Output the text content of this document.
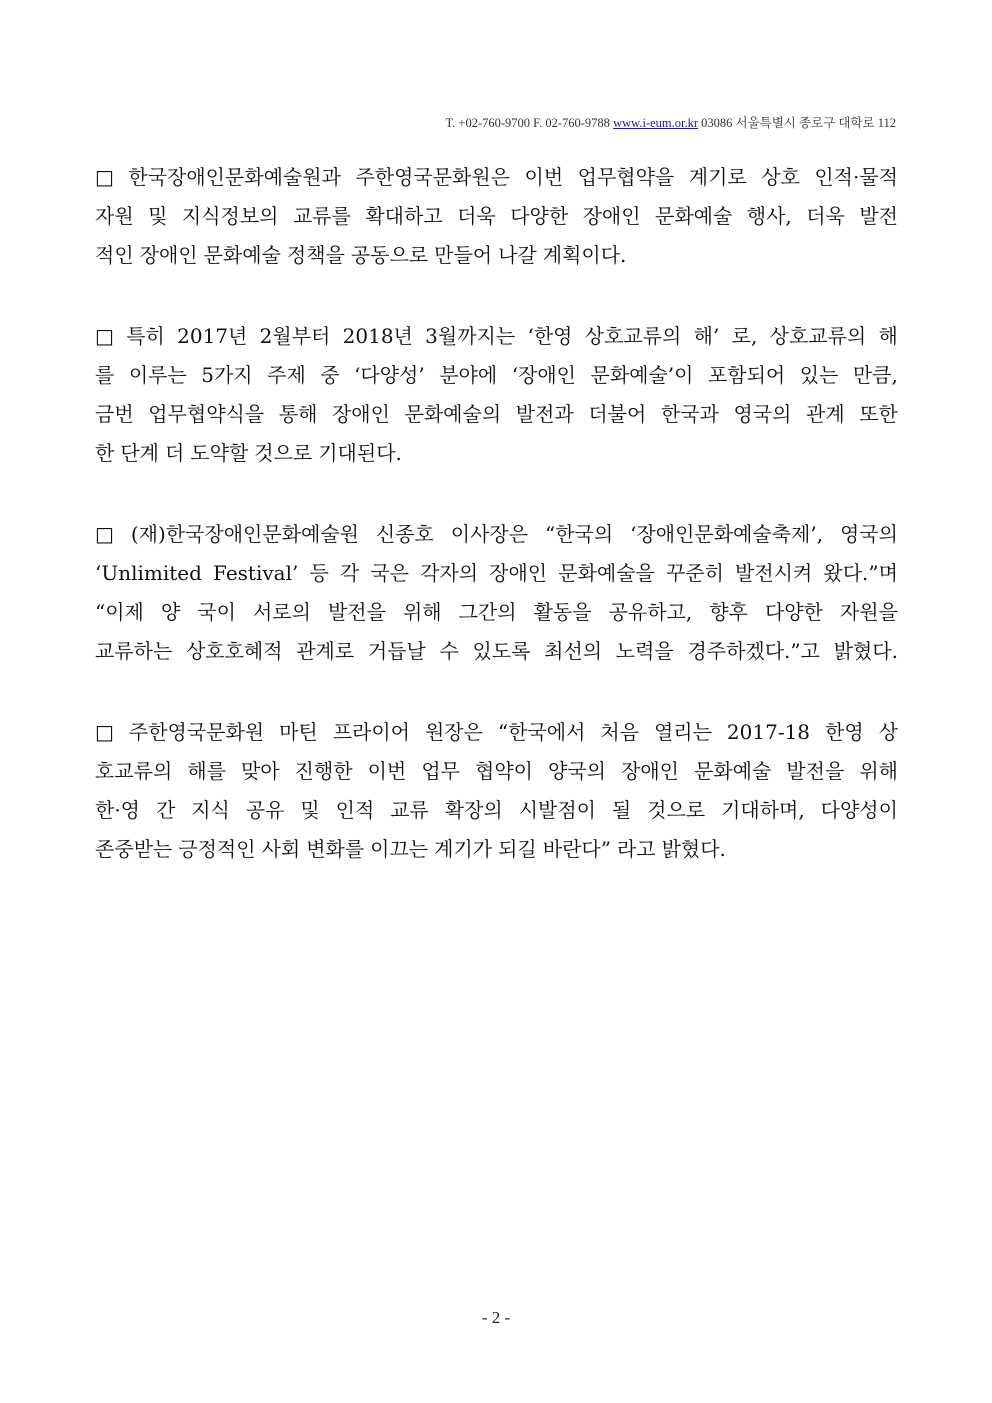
T. +02-760-9700 F. 02-760-9788 www.i-eum.or.kr 03086 서울특별시 종로구 대학로 112
□ 한국장애인문화예술원과 주한영국문화원은 이번 업무협약을 계기로 상호 인적·물적
자원 및 지식정보의 교류를 확대하고 더욱 다양한 장애인 문화예술 행사, 더욱 발전
적인 장애인 문화예술 정책을 공동으로 만들어 나갈 계획이다.
□ 특히 2017년 2월부터 2018년 3월까지는 ‘한영 상호교류의 해’ 로, 상호교류의 해
를 이루는 5가지 주제 중 ‘다양성’ 분야에 ‘장애인 문화예술’이 포함되어 있는 만큼,
금번 업무협약식을 통해 장애인 문화예술의 발전과 더불어 한국과 영국의 관계 또한
한 단계 더 도약할 것으로 기대된다.
□ (재)한국장애인문화예술원 신종호 이사장은 “한국의 ‘장애인문화예술축제’, 영국의
‘Unlimited Festival’ 등 각 국은 각자의 장애인 문화예술을 꾸준히 발전시켜 왔다.”며
“이제 양 국이 서로의 발전을 위해 그간의 활동을 공유하고, 향후 다양한 자원을
교류하는 상호호혜적 관계로 거듭날 수 있도록 최선의 노력을 경주하겠다.”고 밝혔다.
□ 주한영국문화원 마틴 프라이어 원장은 “한국에서 처음 열리는 2017-18 한영 상
호교류의 해를 맞아 진행한 이번 업무 협약이 양국의 장애인 문화예술 발전을 위해
한·영 간 지식 공유 및 인적 교류 확장의 시발점이 될 것으로 기대하며, 다양성이
존중받는 긍정적인 사회 변화를 이끄는 계기가 되길 바란다” 라고 밝혔다.
- 2 -
